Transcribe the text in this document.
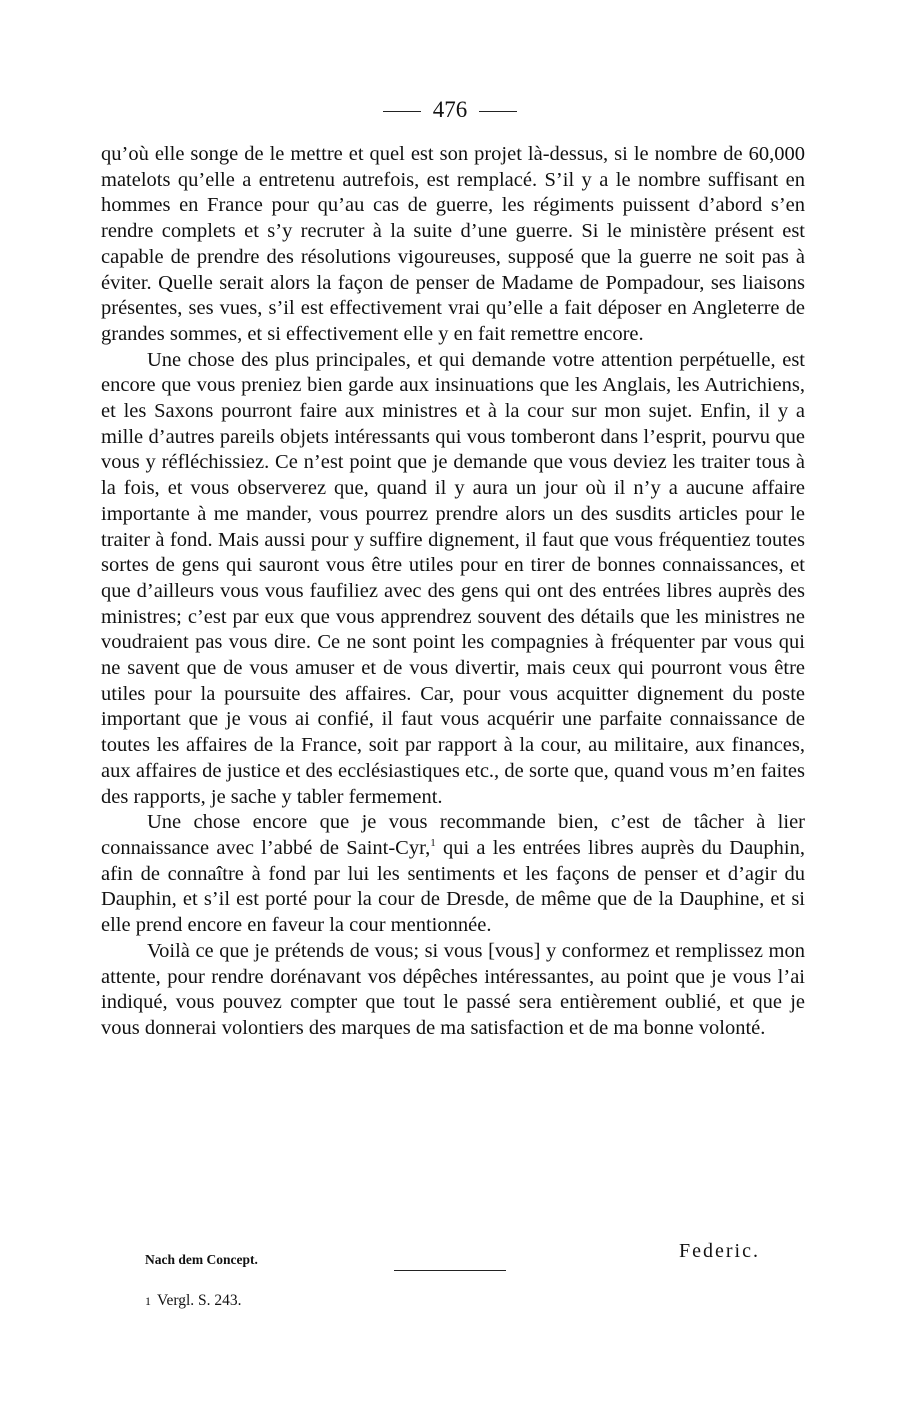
476

qu’où elle songe de le mettre et quel est son projet là-dessus, si le nombre de 60,000 matelots qu’elle a entretenu autrefois, est remplacé. S’il y a le nombre suffisant en hommes en France pour qu’au cas de guerre, les régiments puissent d’abord s’en rendre complets et s’y recruter à la suite d’une guerre. Si le ministère présent est capable de prendre des résolutions vigoureuses, supposé que la guerre ne soit pas à éviter. Quelle serait alors la façon de penser de Madame de Pompadour, ses liaisons présentes, ses vues, s’il est effectivement vrai qu’elle a fait déposer en Angleterre de grandes sommes, et si effectivement elle y en fait remettre encore.

Une chose des plus principales, et qui demande votre attention perpétuelle, est encore que vous preniez bien garde aux insinuations que les Anglais, les Autrichiens, et les Saxons pourront faire aux ministres et à la cour sur mon sujet. Enfin, il y a mille d’autres pareils objets intéressants qui vous tomberont dans l’esprit, pourvu que vous y réfléchissiez. Ce n’est point que je demande que vous deviez les traiter tous à la fois, et vous observerez que, quand il y aura un jour où il n’y a aucune affaire importante à me mander, vous pourrez prendre alors un des susdits articles pour le traiter à fond. Mais aussi pour y suffire dignement, il faut que vous fréquentiez toutes sortes de gens qui sauront vous être utiles pour en tirer de bonnes connaissances, et que d’ailleurs vous vous faufiliez avec des gens qui ont des entrées libres auprès des ministres; c’est par eux que vous apprendrez souvent des détails que les ministres ne voudraient pas vous dire. Ce ne sont point les compagnies à fréquenter par vous qui ne savent que de vous amuser et de vous divertir, mais ceux qui pourront vous être utiles pour la poursuite des affaires. Car, pour vous acquitter dignement du poste important que je vous ai confié, il faut vous acquérir une parfaite connaissance de toutes les affaires de la France, soit par rapport à la cour, au militaire, aux finances, aux affaires de justice et des ecclésiastiques etc., de sorte que, quand vous m’en faites des rapports, je sache y tabler fermement.

Une chose encore que je vous recommande bien, c’est de tâcher à lier connaissance avec l’abbé de Saint-Cyr,$^1$ qui a les entrées libres auprès du Dauphin, afin de connaître à fond par lui les sentiments et les façons de penser et d’agir du Dauphin, et s’il est porté pour la cour de Dresde, de même que de la Dauphine, et si elle prend encore en faveur la cour mentionnée.

Voilà ce que je prétends de vous; si vous [vous] y conformez et remplissez mon attente, pour rendre dorénavant vos dépêches intéressantes, au point que je vous l’ai indiqué, vous pouvez compter que tout le passé sera entièrement oublié, et que je vous donnerai volontiers des marques de ma satisfaction et de ma bonne volonté.

Federic.
Nach dem Concept.
1 Vergl. S. 243.
